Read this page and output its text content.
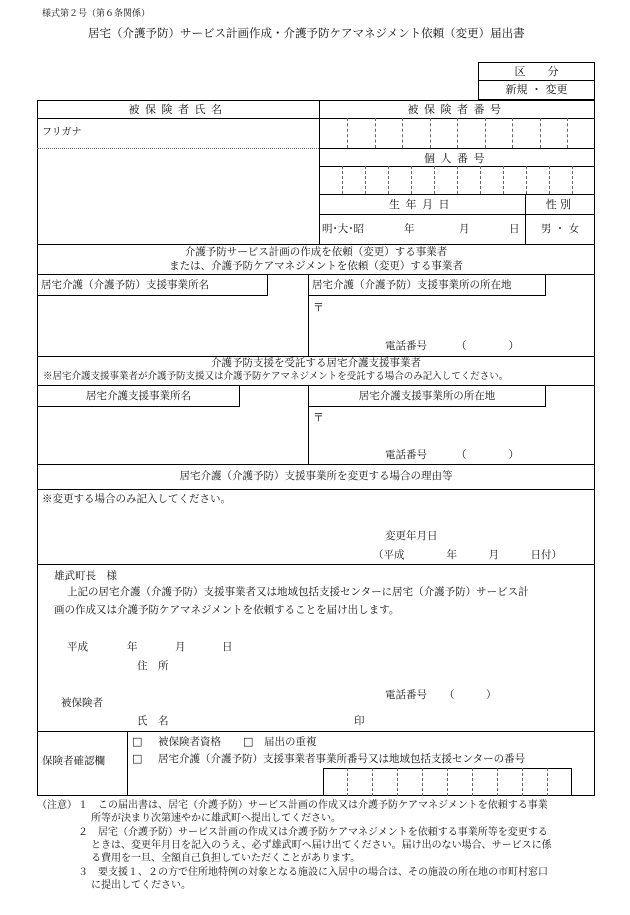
様式第２号（第６条関係）
居宅（介護予防）サービス計画作成・介護予防ケアマネジメント依頼（変更）届出書
区　　分
新規 ・ 変更
被保険者氏名	被保険者番号
フリガナ
個人番号
生年月日	性別
明･大･昭	年	月	日	男 ・ 女
介護予防サービス計画の作成を依頼（変更）する事業者
または、介護予防ケアマネジメントを依頼（変更）する事業者
居宅介護（介護予防）支援事業所名	居宅介護（介護予防）支援事業所の所在地
〒
電話番号	（　　　　）
介護予防支援を受託する居宅介護支援事業者
※居宅介護支援事業者が介護予防支援又は介護予防ケアマネジメントを受託する場合のみ記入してください。
居宅介護支援事業所名	居宅介護支援事業所の所在地
〒
電話番号	（　　　　）
居宅介護（介護予防）支援事業所を変更する場合の理由等
※変更する場合のみ記入してください。
変更年月日
（平成　　　　年　　　月　　　日付）
雄武町長　様
上記の居宅介護（介護予防）支援事業者又は地域包括支援センターに居宅（介護予防）サービス計
画の作成又は介護予防ケアマネジメントを依頼することを届け出します。
平成	年	月	日
住　所
電話番号 （　　　）
被保険者
氏　名	印
保険者確認欄
□ 被保険者資格 □ 届出の重複
□ 居宅介護（介護予防）支援事業者事業所番号又は地域包括支援センターの番号
（注意） １ この届出書は、居宅（介護予防）サービス計画の作成又は介護予防ケアマネジメントを依頼する事業
所等が決まり次第速やかに雄武町へ提出してください。
２ 居宅（介護予防）サービス計画の作成又は介護予防ケアマネジメントを依頼する事業所等を変更する
ときは、変更年月日を記入のうえ、必ず雄武町へ届け出てください。届け出のない場合、サービスに係
る費用を一旦、全額自己負担していただくことがあります。
３ 要支援１、２の方で住所地特例の対象となる施設に入居中の場合は、その施設の所在地の市町村窓口
に提出してください。
